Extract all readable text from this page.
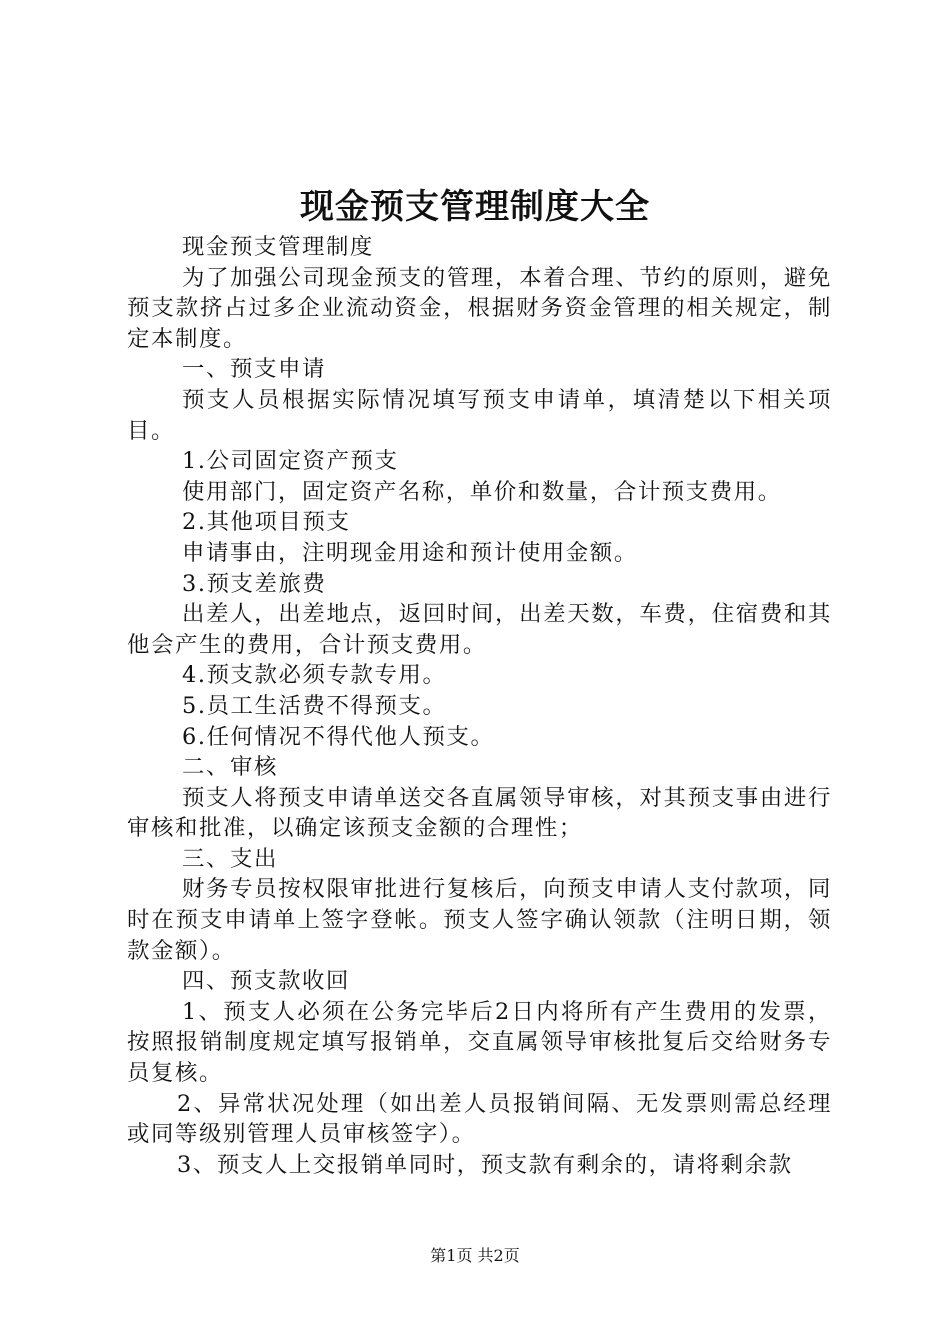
现金预支管理制度大全

现金预支管理制度

为了加强公司现金预支的管理，本着合理、节约的原则，避免预支款挤占过多企业流动资金，根据财务资金管理的相关规定，制定本制度。

一、预支申请

预支人员根据实际情况填写预支申请单，填清楚以下相关项目。

1.公司固定资产预支

使用部门，固定资产名称，单价和数量，合计预支费用。

2.其他项目预支

申请事由，注明现金用途和预计使用金额。

3.预支差旅费

出差人，出差地点，返回时间，出差天数，车费，住宿费和其他会产生的费用，合计预支费用。

4.预支款必须专款专用。

5.员工生活费不得预支。

6.任何情况不得代他人预支。

二、审核

预支人将预支申请单送交各直属领导审核，对其预支事由进行审核和批准，以确定该预支金额的合理性；

三、支出

财务专员按权限审批进行复核后，向预支申请人支付款项，同时在预支申请单上签字登帐。预支人签字确认领款（注明日期，领款金额）。

四、预支款收回

1、预支人必须在公务完毕后2日内将所有产生费用的发票，按照报销制度规定填写报销单，交直属领导审核批复后交给财务专员复核。

2、异常状况处理（如出差人员报销间隔、无发票则需总经理或同等级别管理人员审核签字）。

3、预支人上交报销单同时，预支款有剩余的，请将剩余款

第1页 共2页
